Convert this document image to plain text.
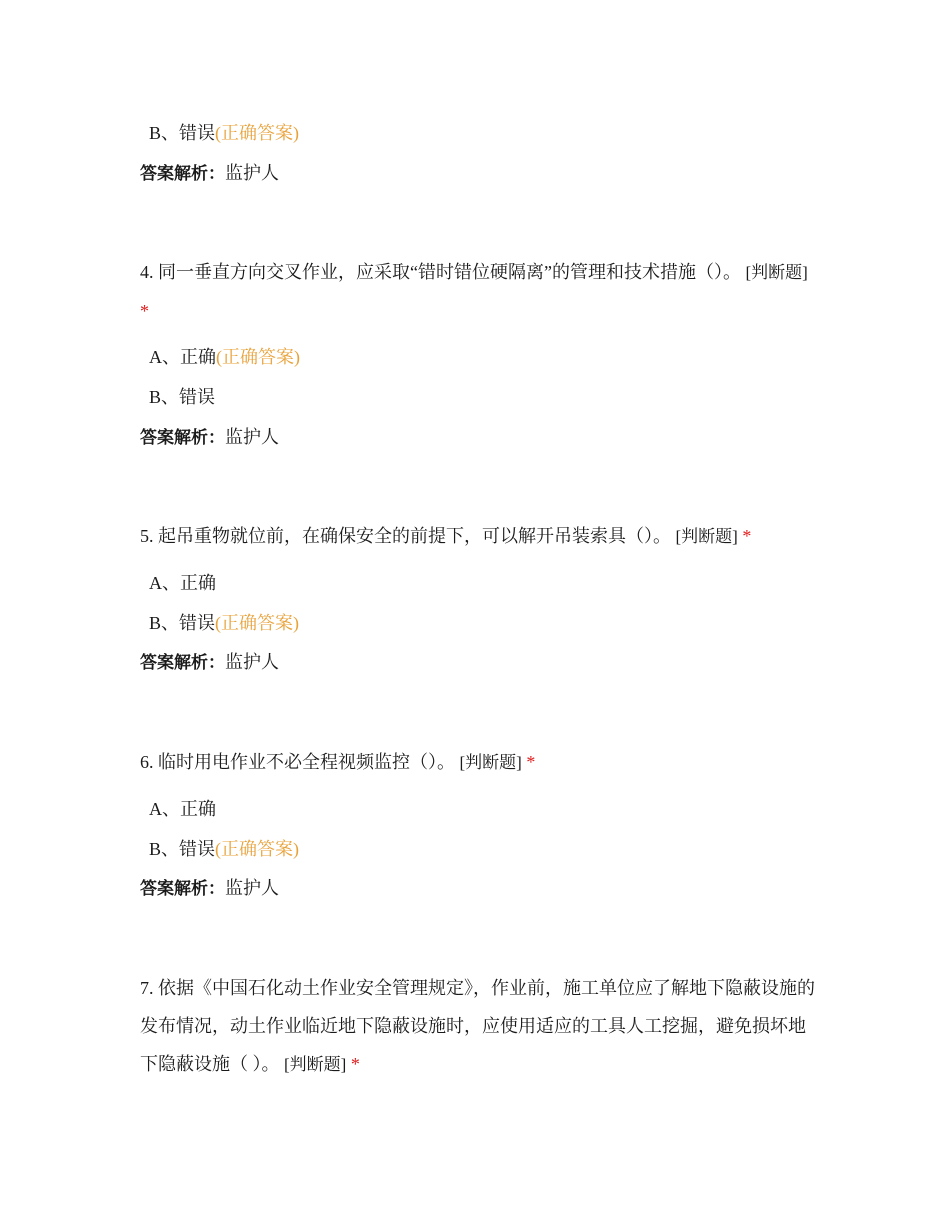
B、错误(正确答案)
答案解析：监护人

4. 同一垂直方向交叉作业，应采取“错时错位硬隔离”的管理和技术措施（）。 [判断题] *

A、正确(正确答案)
B、错误
答案解析：监护人

5. 起吊重物就位前，在确保安全的前提下，可以解开吊装索具（）。 [判断题] *

A、正确
B、错误(正确答案)
答案解析：监护人

6. 临时用电作业不必全程视频监控（）。 [判断题] *

A、正确
B、错误(正确答案)
答案解析：监护人

7. 依据《中国石化动土作业安全管理规定》，作业前，施工单位应了解地下隐蔽设施的发布情况，动土作业临近地下隐蔽设施时，应使用适应的工具人工挖掘，避免损坏地下隐蔽设施（ ）。 [判断题] *
